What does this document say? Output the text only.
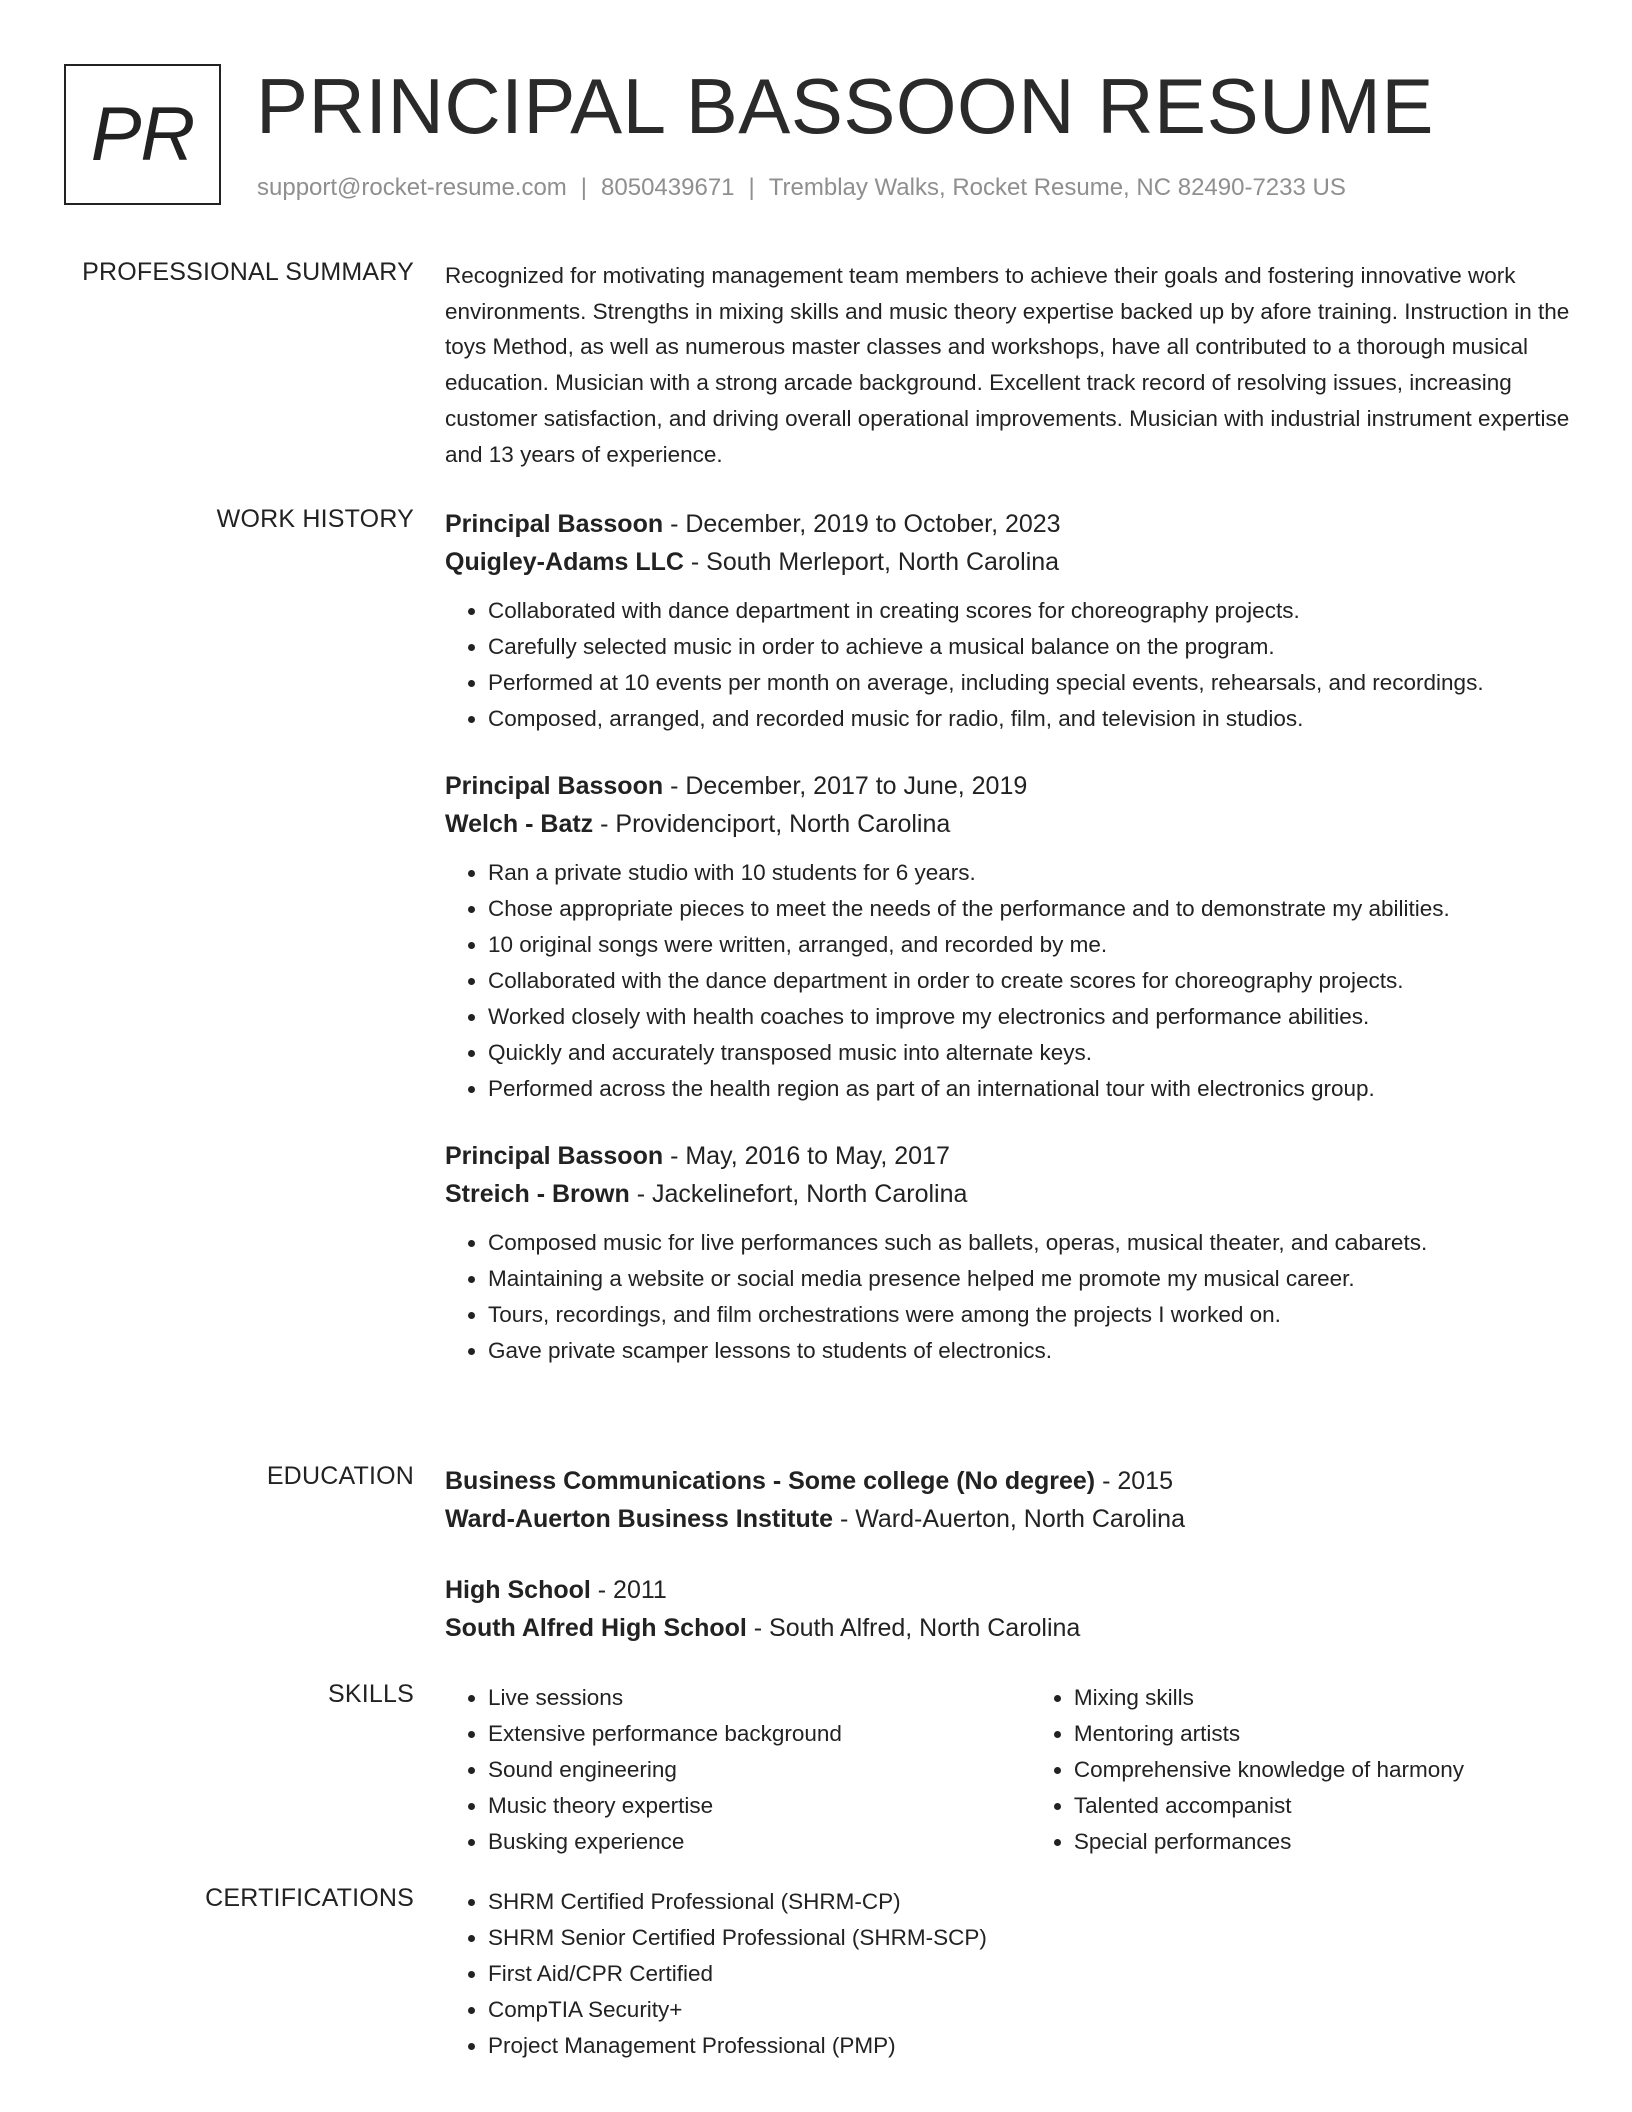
PR PRINCIPAL BASSOON RESUME
support@rocket-resume.com | 8050439671 | Tremblay Walks, Rocket Resume, NC 82490-7233 US
PROFESSIONAL SUMMARY Recognized for motivating management team members to achieve their goals and fostering innovative work environments. Strengths in mixing skills and music theory expertise backed up by afore training. Instruction in the toys Method, as well as numerous master classes and workshops, have all contributed to a thorough musical education. Musician with a strong arcade background. Excellent track record of resolving issues, increasing customer satisfaction, and driving overall operational improvements. Musician with industrial instrument expertise and 13 years of experience.

WORK HISTORY Principal Bassoon - December, 2019 to October, 2023
Quigley-Adams LLC - South Merleport, North Carolina
• Collaborated with dance department in creating scores for choreography projects.
• Carefully selected music in order to achieve a musical balance on the program.
• Performed at 10 events per month on average, including special events, rehearsals, and recordings.
• Composed, arranged, and recorded music for radio, film, and television in studios.
Principal Bassoon - December, 2017 to June, 2019
Welch - Batz - Providenciport, North Carolina
• Ran a private studio with 10 students for 6 years.
• Chose appropriate pieces to meet the needs of the performance and to demonstrate my abilities.
• 10 original songs were written, arranged, and recorded by me.
• Collaborated with the dance department in order to create scores for choreography projects.
• Worked closely with health coaches to improve my electronics and performance abilities.
• Quickly and accurately transposed music into alternate keys.
• Performed across the health region as part of an international tour with electronics group.
Principal Bassoon - May, 2016 to May, 2017
Streich - Brown - Jackelinefort, North Carolina
• Composed music for live performances such as ballets, operas, musical theater, and cabarets.
• Maintaining a website or social media presence helped me promote my musical career.
• Tours, recordings, and film orchestrations were among the projects I worked on.
• Gave private scamper lessons to students of electronics.
EDUCATION Business Communications - Some college (No degree) - 2015
Ward-Auerton Business Institute - Ward-Auerton, North Carolina
High School - 2011
South Alfred High School - South Alfred, North Carolina
SKILLS	• Live sessions
• Extensive performance background
• Sound engineering
• Music theory expertise
• Busking experience
• Mixing skills
• Mentoring artists
• Comprehensive knowledge of harmony
• Talented accompanist
• Special performances
CERTIFICATIONS	• SHRM Certified Professional (SHRM-CP)
• SHRM Senior Certified Professional (SHRM-SCP)
• First Aid/CPR Certified
• CompTIA Security+
• Project Management Professional (PMP)
